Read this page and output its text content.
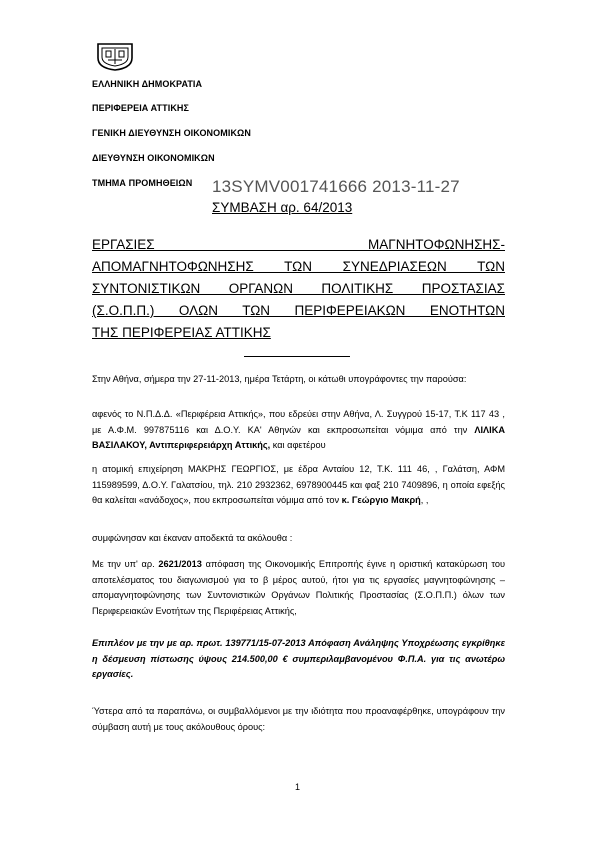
ΕΛΛΗΝΙΚΗ ΔΗΜΟΚΡΑΤΙΑ
ΠΕΡΙΦΕΡΕΙΑ ΑΤΤΙΚΗΣ
ΓΕΝΙΚΗ ΔΙΕΥΘΥΝΣΗ ΟΙΚΟΝΟΜΙΚΩΝ
ΔΙΕΥΘΥΝΣΗ ΟΙΚΟΝΟΜΙΚΩΝ
ΤΜΗΜΑ ΠΡΟΜΗΘΕΙΩΝ 13SYMV001741666 2013-11-27
ΣΥΜΒΑΣΗ αρ. 64/2013
ΕΡΓΑΣΙΕΣ ΜΑΓΝΗΤΟΦΩΝΗΣΗΣ-
ΑΠΟΜΑΓΝΗΤΟΦΩΝΗΣΗΣ ΤΩΝ ΣΥΝΕΔΡΙΑΣΕΩΝ ΤΩΝ
ΣΥΝΤΟΝΙΣΤΙΚΩΝ ΟΡΓΑΝΩΝ ΠΟΛΙΤΙΚΗΣ ΠΡΟΣΤΑΣΙΑΣ
(Σ.Ο.Π.Π.) ΟΛΩΝ ΤΩΝ ΠΕΡΙΦΕΡΕΙΑΚΩΝ ΕΝΟΤΗΤΩΝ
ΤΗΣ ΠΕΡΙΦΕΡΕΙΑΣ ΑΤΤΙΚΗΣ
Στην Αθήνα, σήμερα την 27-11-2013, ημέρα Τετάρτη, οι κάτωθι υπογράφοντες την παρούσα:
αφενός το Ν.Π.Δ.Δ. «Περιφέρεια Αττικής», που εδρεύει στην Αθήνα, Λ. Συγγρού 15-17, Τ.Κ 117 43 , με Α.Φ.Μ. 997875116 και Δ.Ο.Υ. ΚΑ' Αθηνών και εκπροσωπείται νόμιμα από την ΛΙΛΙΚΑ ΒΑΣΙΛΑΚΟΥ, Αντιπεριφερειάρχη Αττικής, και αφετέρου
η ατομική επιχείρηση ΜΑΚΡΗΣ ΓΕΩΡΓΙΟΣ, με έδρα Ανταίου 12, Τ.Κ. 111 46, , Γαλάτση, ΑΦΜ 115989599, Δ.Ο.Υ. Γαλατσίου, τηλ. 210 2932362, 6978900445 και φαξ 210 7409896, η οποία εφεξής θα καλείται «ανάδοχος», που εκπροσωπείται νόμιμα από τον κ. Γεώργιο Μακρή, ,
συμφώνησαν και έκαναν αποδεκτά τα ακόλουθα :
Με την υπ' αρ. 2621/2013 απόφαση της Οικονομικής Επιτροπής έγινε η οριστική κατακύρωση του αποτελέσματος του διαγωνισμού για το β μέρος αυτού, ήτοι για τις εργασίες μαγνητοφώνησης – απομαγνητοφώνησης των Συντονιστικών Οργάνων Πολιτικής Προστασίας (Σ.Ο.Π.Π.) όλων των Περιφερειακών Ενοτήτων της Περιφέρειας Αττικής,
Επιπλέον με την με αρ. πρωτ. 139771/15-07-2013 Απόφαση Ανάληψης Υποχρέωσης εγκρίθηκε η δέσμευση πίστωσης ύψους 214.500,00 € συμπεριλαμβανομένου Φ.Π.Α. για τις ανωτέρω εργασίες.
Ύστερα από τα παραπάνω, οι συμβαλλόμενοι με την ιδιότητα που προαναφέρθηκε, υπογράφουν την σύμβαση αυτή με τους ακόλουθους όρους:
1
